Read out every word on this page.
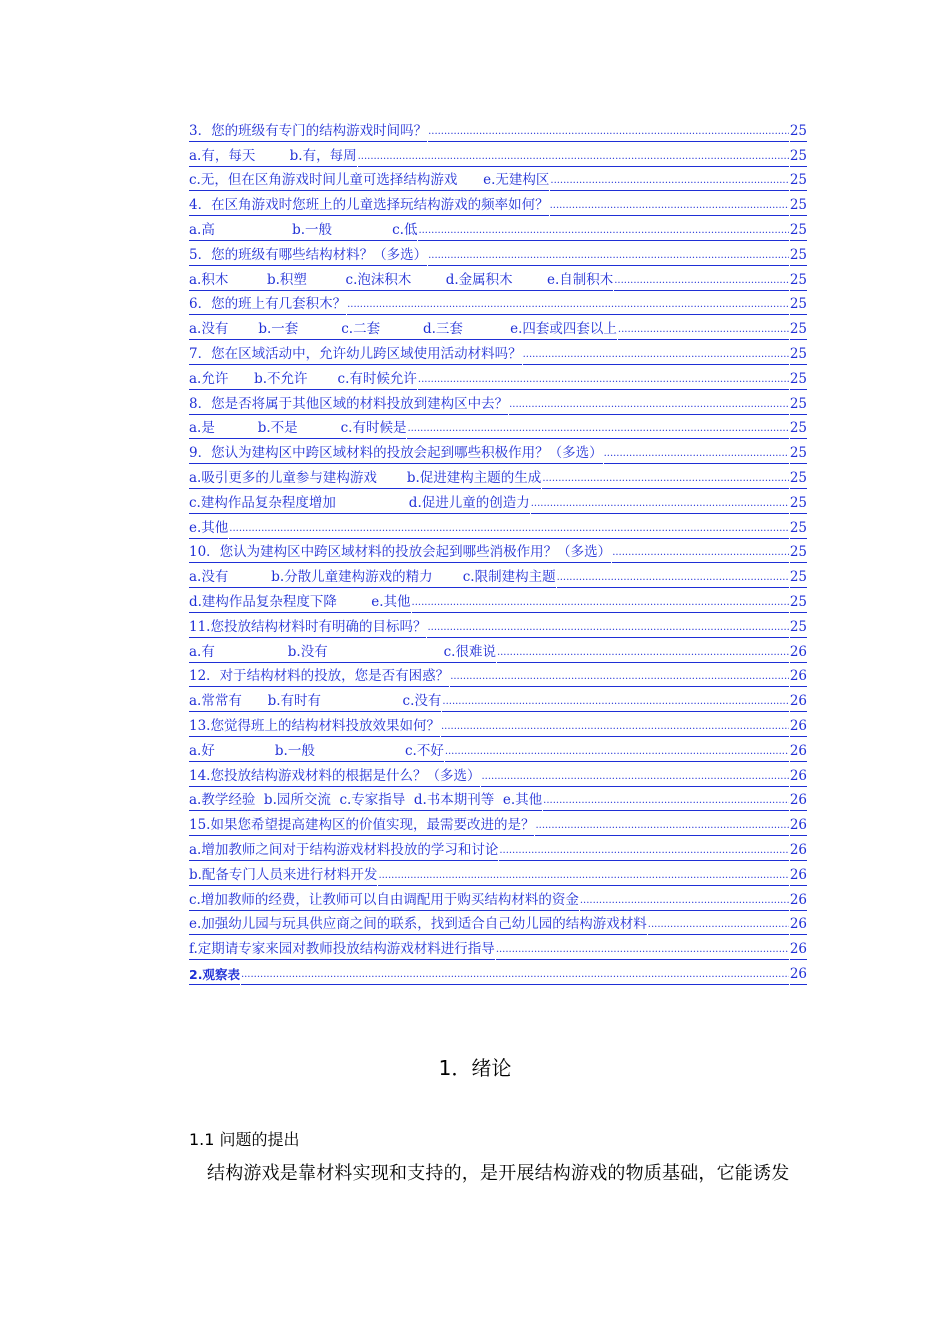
3．您的班级有专门的结构游戏时间吗？ .....	25
a.有，每天        b.有，每周 .....	25
c.无，但在区角游戏时间儿童可选择结构游戏      e.无建构区 .....	25
4．在区角游戏时您班上的儿童选择玩结构游戏的频率如何？ .....	25
a.高                  b.一般              c.低 .....	25
5．您的班级有哪些结构材料？（多选） .....	25
a.积木         b.积塑         c.泡沫积木        d.金属积木        e.自制积木 .....	25
6．您的班上有几套积木？ .....	25
a.没有       b.一套          c.二套          d.三套           e.四套或四套以上 .....	25
7．您在区域活动中，允许幼儿跨区域使用活动材料吗？ .....	25
a.允许      b.不允许       c.有时候允许 .....	25
8．您是否将属于其他区域的材料投放到建构区中去？ .....	25
a.是          b.不是          c.有时候是 .....	25
9．您认为建构区中跨区域材料的投放会起到哪些积极作用？（多选） .....	25
a.吸引更多的儿童参与建构游戏       b.促进建构主题的生成 .....	25
c.建构作品复杂程度增加                 d.促进儿童的创造力 .....	25
e.其他 .....	25
10．您认为建构区中跨区域材料的投放会起到哪些消极作用？（多选） .....	25
a.没有          b.分散儿童建构游戏的精力       c.限制建构主题 .....	25
d.建构作品复杂程度下降        e.其他 .....	25
11.您投放结构材料时有明确的目标吗？ .....	25
a.有                 b.没有                           c.很难说 .....	26
12．对于结构材料的投放，您是否有困惑？ .....	26
a.常常有      b.有时有                   c.没有 .....	26
13.您觉得班上的结构材料投放效果如何？ .....	26
a.好              b.一般                     c.不好 .....	26
14.您投放结构游戏材料的根据是什么？（多选） .....	26
a.教学经验  b.园所交流  c.专家指导  d.书本期刊等  e.其他 .....	26
15.如果您希望提高建构区的价值实现，最需要改进的是？ .....	26
a.增加教师之间对于结构游戏材料投放的学习和讨论 .....	26
b.配备专门人员来进行材料开发 .....	26
c.增加教师的经费，让教师可以自由调配用于购买结构材料的资金 .....	26
e.加强幼儿园与玩具供应商之间的联系，找到适合自己幼儿园的结构游戏材料 .....	26
f.定期请专家来园对教师投放结构游戏材料进行指导 .....	26
2.观察表 .....	26
1．绪论
1.1 问题的提出
结构游戏是靠材料实现和支持的，是开展结构游戏的物质基础，它能诱发
